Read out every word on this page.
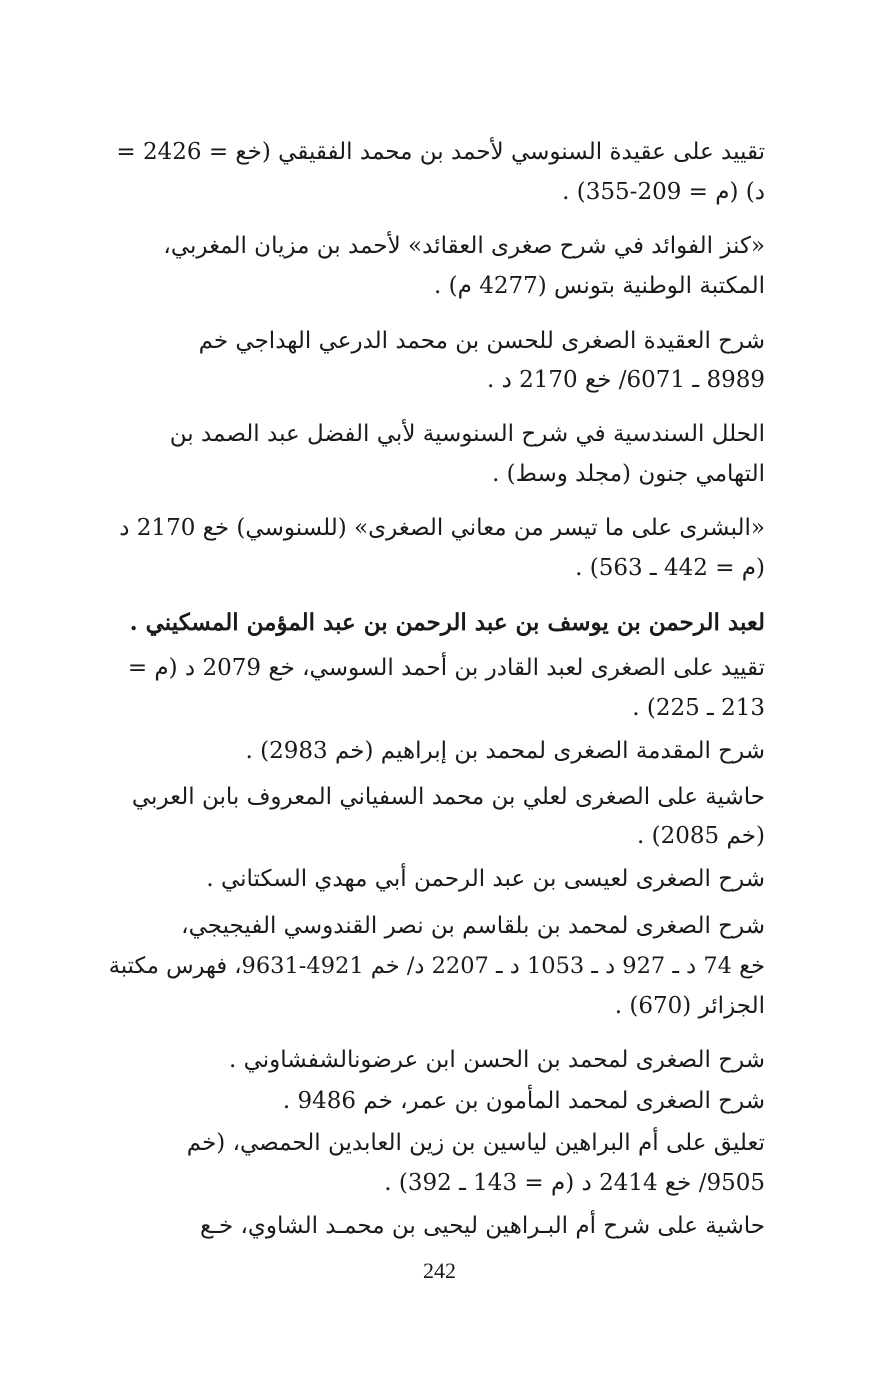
تقييد على عقيدة السنوسي لأحمد بن محمد الفقيقي (خع = 2426 =
د) (م = 209-355) .
«كنز الفوائد في شرح صغرى العقائد» لأحمد بن مزيان المغربي،
المكتبة الوطنية بتونس (4277 م) .
شرح العقيدة الصغرى للحسن بن محمد الدرعي الهداجي خم
8989 ـ 6071/ خع 2170 د .
الحلل السندسية في شرح السنوسية لأبي الفضل عبد الصمد بن
التهامي جنون (مجلد وسط) .
«البشرى على ما تيسر من معاني الصغرى» (للسنوسي) خع 2170 د
(م = 442 ـ 563) .
لعبد الرحمن بن يوسف بن عبد الرحمن بن عبد المؤمن المسكيني .
تقييد على الصغرى لعبد القادر بن أحمد السوسي، خع 2079 د (م =
213 ـ 225) .
شرح المقدمة الصغرى لمحمد بن إبراهيم (خم 2983) .
حاشية على الصغرى لعلي بن محمد السفياني المعروف بابن العربي
(خم 2085) .
شرح الصغرى لعيسى بن عبد الرحمن أبي مهدي السكتاني .
شرح الصغرى لمحمد بن بلقاسم بن نصر القندوسي الفيجيجي،
خع 74 د ـ 927 د ـ 1053 د ـ 2207 د/ خم 4921-9631، فهرس مكتبة
الجزائر (670) .
شرح الصغرى لمحمد بن الحسن ابن عرضونالشفشاوني .
شرح الصغرى لمحمد المأمون بن عمر، خم 9486 .
تعليق على أم البراهين لياسين بن زين العابدين الحمصي، (خم
9505/ خع 2414 د (م = 143 ـ 392) .
حاشية على شرح أم البـراهين ليحيى بن محمـد الشاوي، خـع
242
